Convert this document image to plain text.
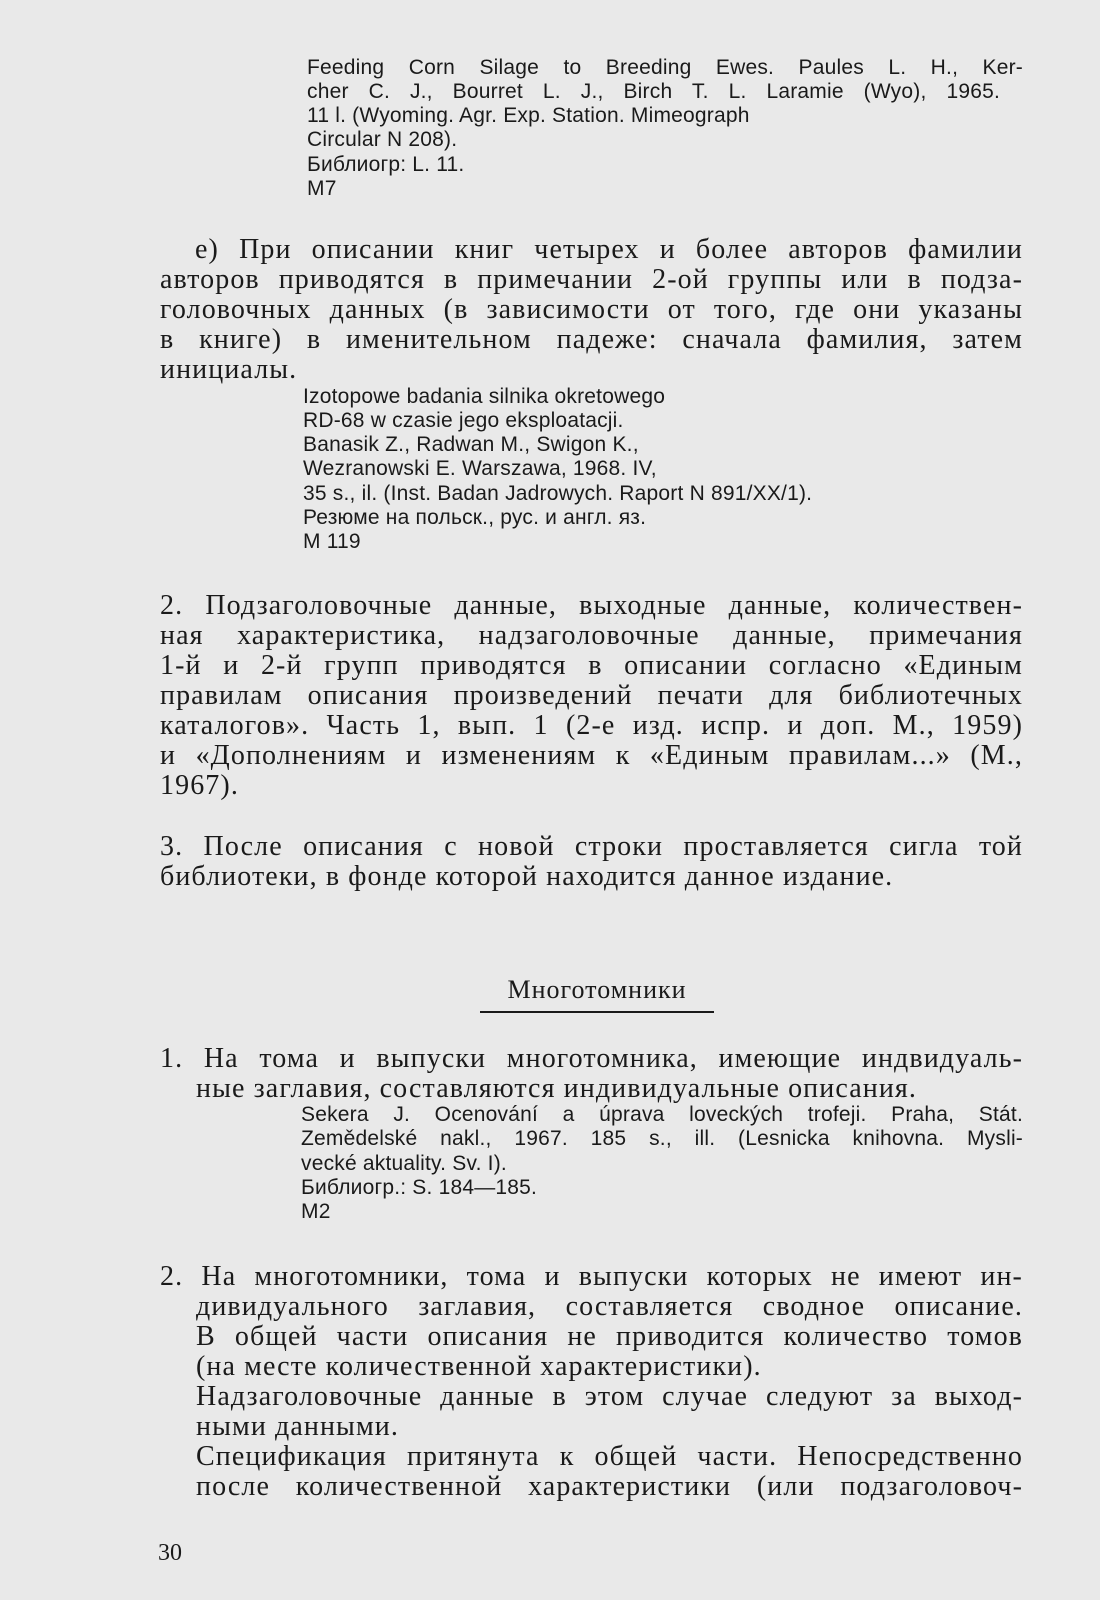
Feeding Corn Silage to Breeding Ewes. Paules L. H., Ker-
cher C. J., Bourret L. J., Birch T. L. Laramie (Wyo), 1965.
11 l. (Wyoming. Agr. Exp. Station. Mimeograph
Circular N 208).
Библиогр: L. 11.
M7
е) При описании книг четырех и более авторов фамилии
авторов приводятся в примечании 2-ой группы или в подза-
головочных данных (в зависимости от того, где они указаны
в книге) в именительном падеже: сначала фамилия, затем
инициалы.
Izotopowe badania silnika okretowego
RD-68 w czasie jego eksploatacji.
Banasik Z., Radwan M., Swigon K.,
Wezranowski E. Warszawa, 1968. IV,
35 s., il. (Inst. Badan Jadrowych. Raport N 891/XX/1).
Резюме на польск., рус. и англ. яз.
M 119
2. Подзаголовочные данные, выходные данные, количествен-
ная характеристика, надзаголовочные данные, примечания
1-й и 2-й групп приводятся в описании согласно «Единым
правилам описания произведений печати для библиотечных
каталогов». Часть 1, вып. 1 (2-е изд. испр. и доп. М., 1959)
и «Дополнениям и изменениям к «Единым правилам...» (М.,
1967).
3. После описания с новой строки проставляется сигла той
библиотеки, в фонде которой находится данное издание.
Многотомники
1. На тома и выпуски многотомника, имеющие индвидуаль-
ные заглавия, составляются индивидуальные описания.
Sekera J. Ocenování a úprava loveckých trofeji. Praha, Stát.
Zemědelské nakl., 1967. 185 s., ill. (Lesnicka knihovna. Mysli-
vecké aktuality. Sv. I).
Библиогр.: S. 184—185.
M2
2. На многотомники, тома и выпуски которых не имеют ин-
дивидуального заглавия, составляется сводное описание.
В общей части описания не приводится количество томов
(на месте количественной характеристики).
Надзаголовочные данные в этом случае следуют за выход-
ными данными.
Спецификация притянута к общей части. Непосредственно
после количественной характеристики (или подзаголовоч-
30
